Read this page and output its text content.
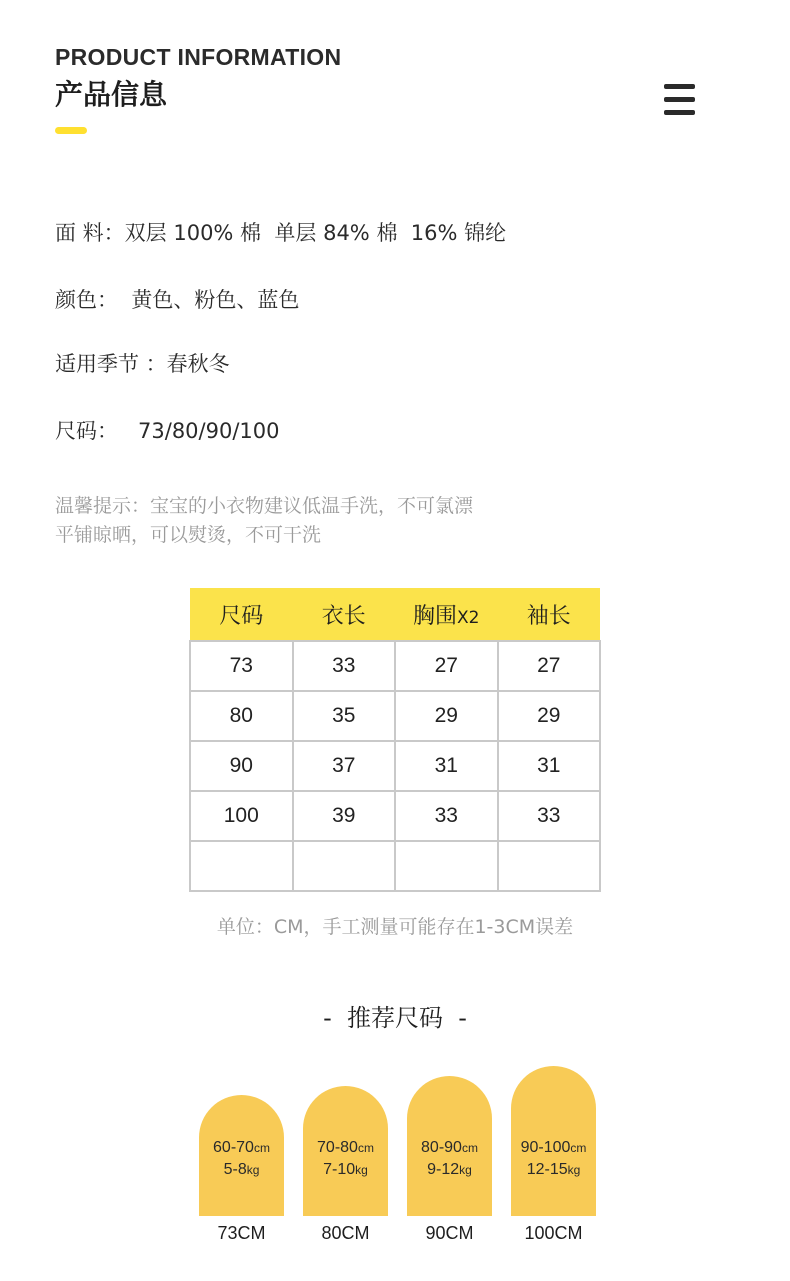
PRODUCT INFORMATION
产品信息
面 料：双层 100% 棉  单层 84% 棉  16% 锦纶
颜色：  黄色、粉色、蓝色
适用季节 ：春秋冬
尺码：   73/80/90/100
温馨提示：宝宝的小衣物建议低温手洗，不可氯漂
平铺晾晒，可以熨烫，不可干洗
尺码	衣长	胸围X2	袖长
73	33	27	27
80	35	29	29
90	37	31	31
100	39	33	33

单位：CM，手工测量可能存在1-3CM误差
-  推荐尺码  -
60-70cm
5-8kg
70-80cm
7-10kg
80-90cm
9-12kg
90-100cm
12-15kg
73CM	80CM	90CM	100CM
